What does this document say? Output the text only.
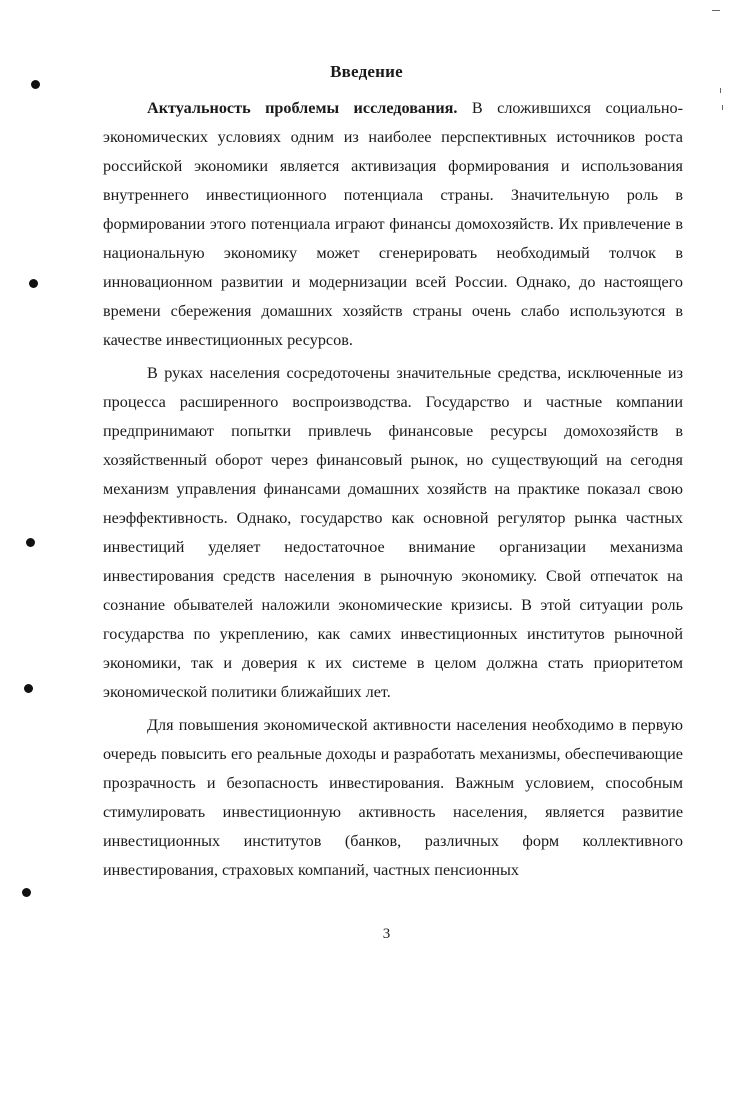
Введение

Актуальность проблемы исследования. В сложившихся социально-экономических условиях одним из наиболее перспективных источников роста российской экономики является активизация формирования и использования внутреннего инвестиционного потенциала страны. Значительную роль в формировании этого потенциала играют финансы домохозяйств. Их привлечение в национальную экономику может сгенерировать необходимый толчок в инновационном развитии и модернизации всей России. Однако, до настоящего времени сбережения домашних хозяйств страны очень слабо используются в качестве инвестиционных ресурсов.

В руках населения сосредоточены значительные средства, исключенные из процесса расширенного воспроизводства. Государство и частные компании предпринимают попытки привлечь финансовые ресурсы домохозяйств в хозяйственный оборот через финансовый рынок, но существующий на сегодня механизм управления финансами домашних хозяйств на практике показал свою неэффективность. Однако, государство как основной регулятор рынка частных инвестиций уделяет недостаточное внимание организации механизма инвестирования средств населения в рыночную экономику. Свой отпечаток на сознание обывателей наложили экономические кризисы. В этой ситуации роль государства по укреплению, как самих инвестиционных институтов рыночной экономики, так и доверия к их системе в целом должна стать приоритетом экономической политики ближайших лет.

Для повышения экономической активности населения необходимо в первую очередь повысить его реальные доходы и разработать механизмы, обеспечивающие прозрачность и безопасность инвестирования. Важным условием, способным стимулировать инвестиционную активность населения, является развитие инвестиционных институтов (банков, различных форм коллективного инвестирования, страховых компаний, частных пенсионных

3
